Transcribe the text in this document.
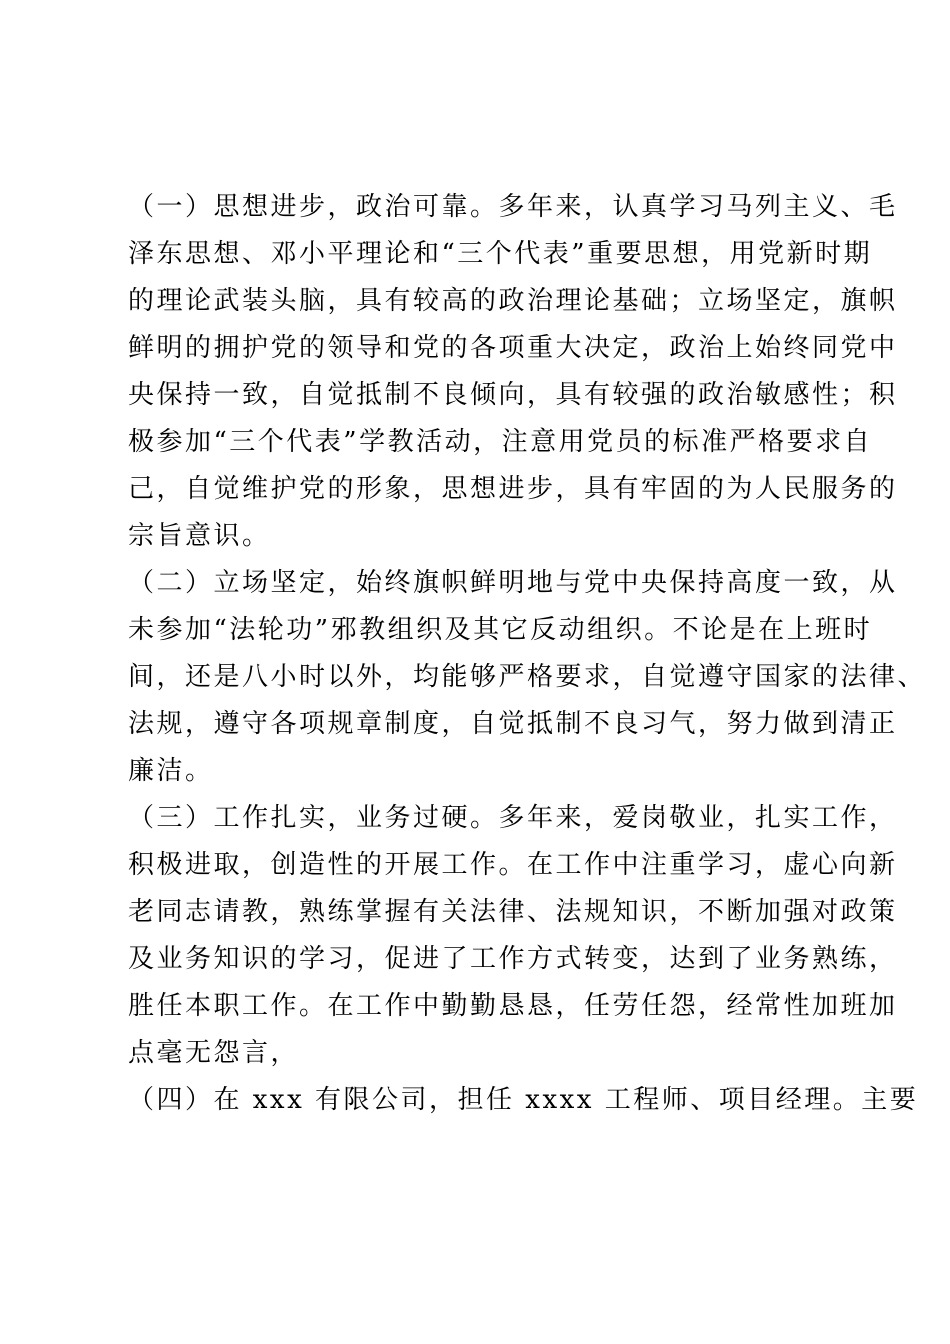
（一）思想进步，政治可靠。多年来，认真学习马列主义、毛
泽东思想、邓小平理论和“三个代表”重要思想，用党新时期
的理论武装头脑，具有较高的政治理论基础；立场坚定，旗帜
鲜明的拥护党的领导和党的各项重大决定，政治上始终同党中
央保持一致，自觉抵制不良倾向，具有较强的政治敏感性；积
极参加“三个代表”学教活动，注意用党员的标准严格要求自
己，自觉维护党的形象，思想进步，具有牢固的为人民服务的
宗旨意识。
（二）立场坚定，始终旗帜鲜明地与党中央保持高度一致，从
未参加“法轮功”邪教组织及其它反动组织。不论是在上班时
间，还是八小时以外，均能够严格要求，自觉遵守国家的法律、
法规，遵守各项规章制度，自觉抵制不良习气，努力做到清正
廉洁。
（三）工作扎实，业务过硬。多年来，爱岗敬业，扎实工作，
积极进取，创造性的开展工作。在工作中注重学习，虚心向新
老同志请教，熟练掌握有关法律、法规知识，不断加强对政策
及业务知识的学习，促进了工作方式转变，达到了业务熟练，
胜任本职工作。在工作中勤勤恳恳，任劳任怨，经常性加班加
点毫无怨言，
（四）在 xxx 有限公司，担任 xxxx 工程师、项目经理。主要
